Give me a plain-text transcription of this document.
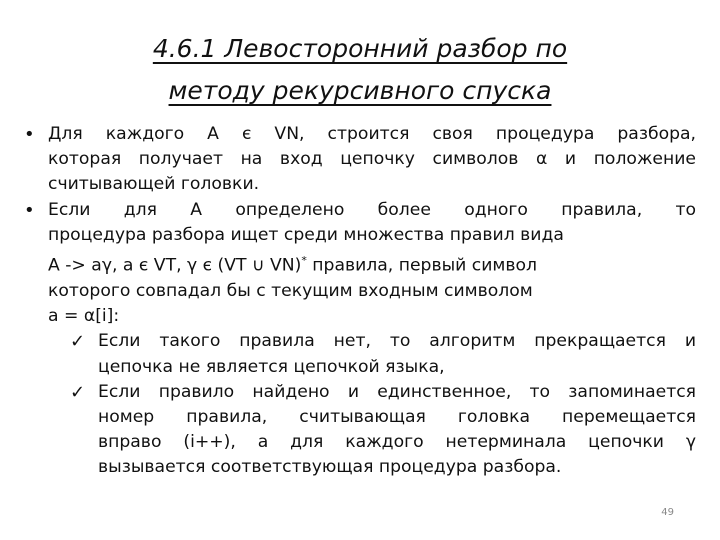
4.6.1 Левосторонний разбор по
методу рекурсивного спуска
• Для каждого А є VN, строится своя процедура разбора,
которая получает на вход цепочку символов α и положение
считывающей головки.
• Если для А определено более одного правила, то
процедура разбора ищет среди множества правил вида
A -> aγ, a є VT, γ є (VT ∪ VN)* правила, первый символ
которого совпадал бы с текущим входным символом
a = α[i]:
✓ Если такого правила нет, то алгоритм прекращается и
цепочка не является цепочкой языка,
✓ Если правило найдено и единственное, то запоминается
номер правила, считывающая головка перемещается
вправо (i++), а для каждого нетерминала цепочки γ
вызывается соответствующая процедура разбора.
49
